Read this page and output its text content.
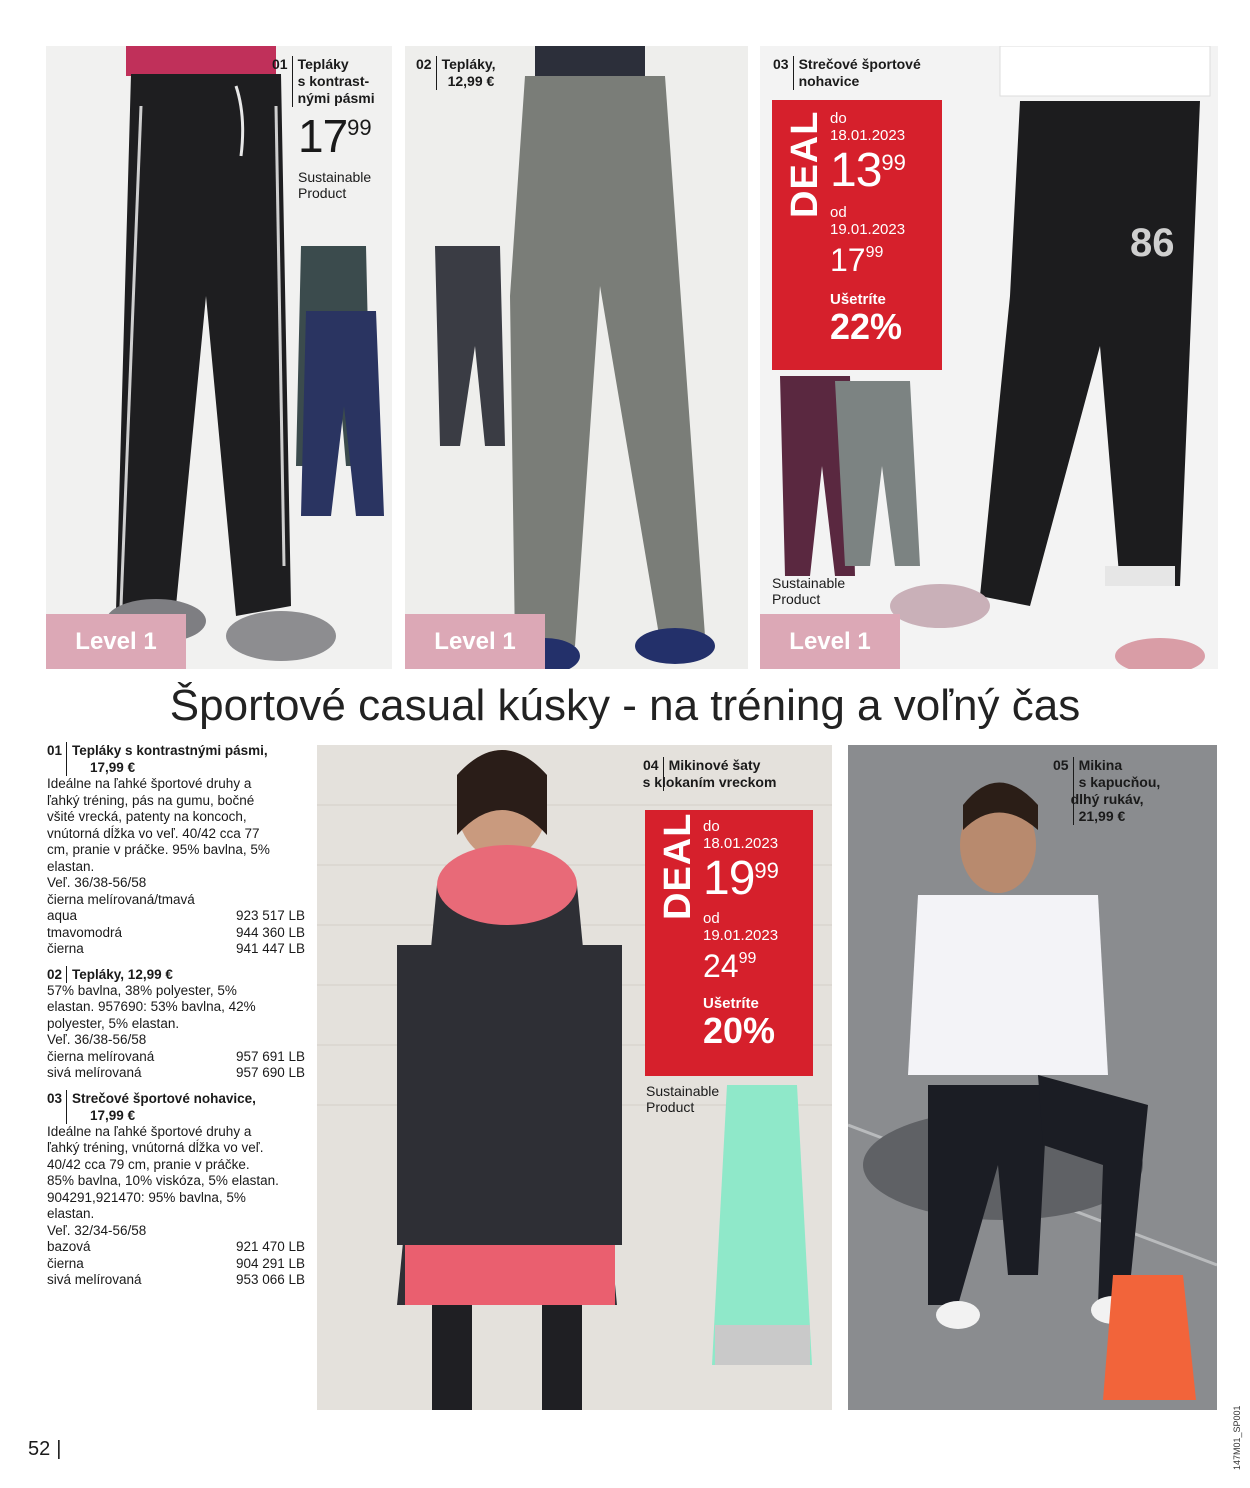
86
Level 1	Level 1	Level 1
01 Tepláky
s kontrast-
nými pásmi
1799
Sustainable
Product
02 Tepláky,
12,99 €
03 Strečové športové
nohavice
DEAL do
18.01.2023
1399
od
19.01.2023
1799
Ušetríte
22%
Sustainable
Product
Športové casual kúsky - na tréning a voľný čas
01 Tepláky s kontrastnými pásmi,
17,99 €
Ideálne na ľahké športové druhy a
ľahký tréning, pás na gumu, bočné
všité vrecká, patenty na koncoch,
vnútorná dĺžka vo veľ. 40/42 cca 77
cm, pranie v práčke. 95% bavlna, 5%
elastan.
Veľ. 36/38-56/58
čierna melírovaná/tmavá
aqua	923 517 LB
tmavomodrá	944 360 LB
čierna	941 447 LB
02 Tepláky, 12,99 €
57% bavlna, 38% polyester, 5%
elastan. 957690: 53% bavlna, 42%
polyester, 5% elastan.
Veľ. 36/38-56/58
čierna melírovaná	957 691 LB
sivá melírovaná	957 690 LB
03 Strečové športové nohavice,
17,99 €
Ideálne na ľahké športové druhy a
ľahký tréning, vnútorná dĺžka vo veľ.
40/42 cca 79 cm, pranie v práčke.
85% bavlna, 10% viskóza, 5% elastan.
904291,921470: 95% bavlna, 5%
elastan.
Veľ. 32/34-56/58
bazová	921 470 LB
čierna	904 291 LB
sivá melírovaná	953 066 LB
04 Mikinové šaty
s klokaním vreckom
DEAL do
18.01.2023
1999
od
19.01.2023
2499
Ušetríte
20%
Sustainable
Product
05 Mikina
s kapucňou,
dlhý rukáv,
21,99 €
52 |	147M01_SP001
